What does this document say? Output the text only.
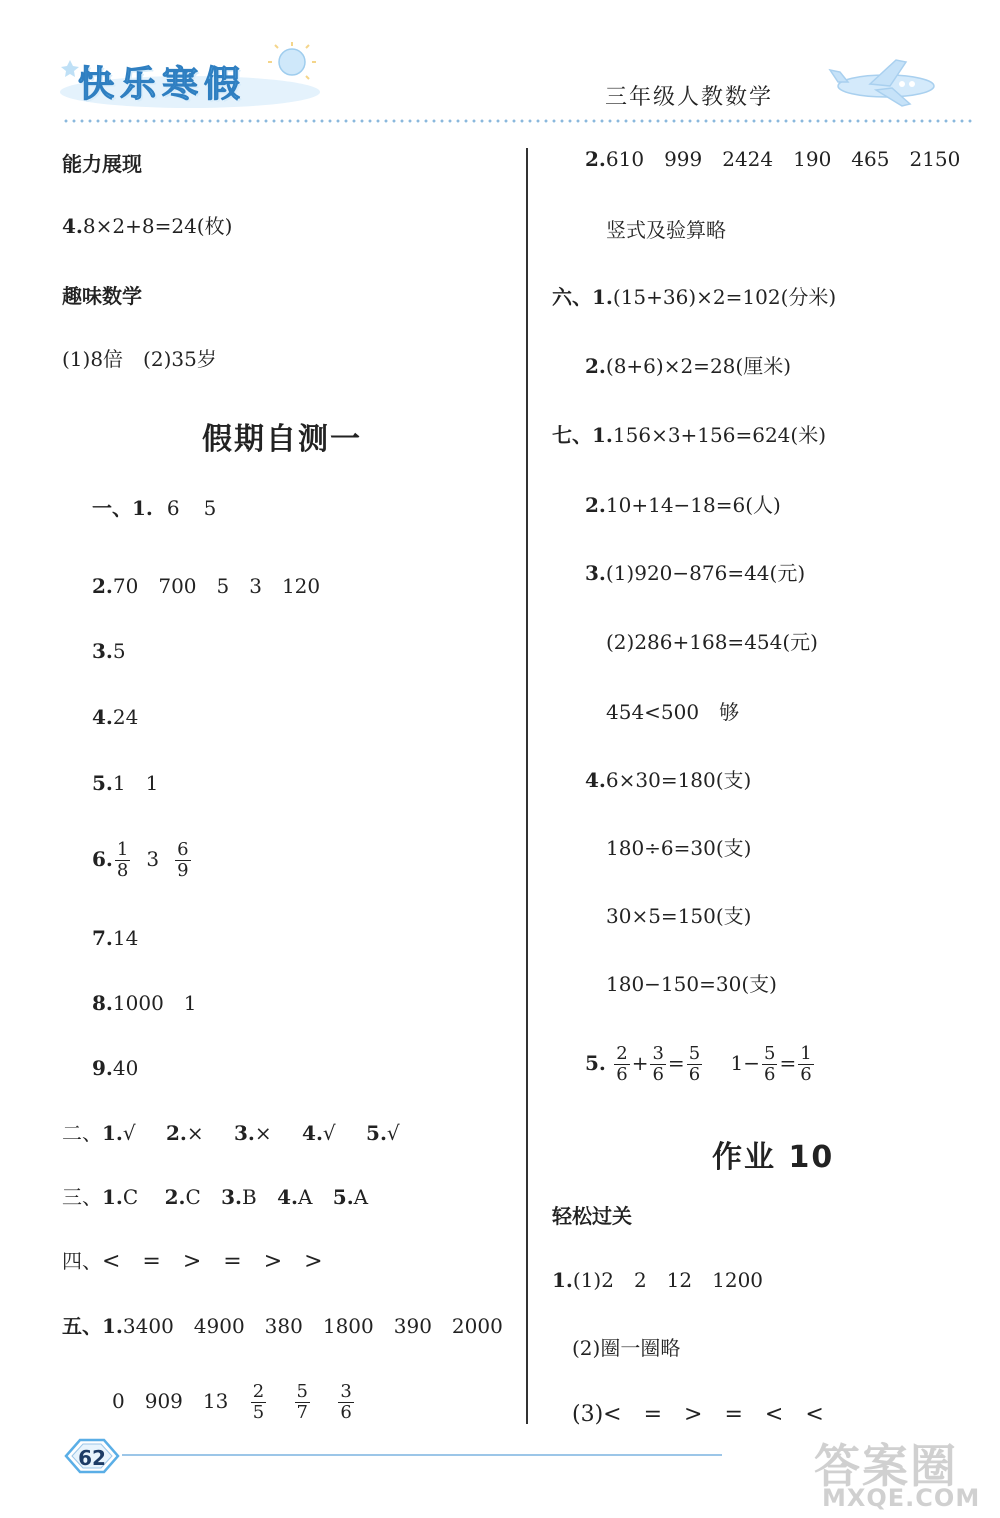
快乐寒假	三年级人教数学
能力展现
4.8×2+8=24(枚)
趣味数学
(1)8倍　(2)35岁
假期自测一
一、1. 6 5
2.70　700　5　3　120
3.5
4.24
5.1　1
6. $\frac{1}{8} 3 \frac{6}{9}$
7.14
8.1000　1
9.40
二、1.√ 2.× 3.× 4.√ 5.√
三、1.C 2.C 3.B 4.A 5.A
四、<　=　>　=　>　>
五、1.3400　4900　380　1800　390　2000
0　909　$13 \frac{2}{5}$
$\frac{5}{7}$
$\frac{3}{6}$
2.610　999　2424　190　465　2150
竖式及验算略
六、1.(15+36)×2=102(分米)
2.(8+6)×2=28(厘米)
七、1.156×3+156=624(米)
2.10+14−18=6(人)
3.(1)920−876=44(元)
(2)286+168=454(元)
454<500　够
4.6×30=180(支)
180÷6=30(支)
30×5=150(支)
180−150=30(支)
5. $\frac{2}{6} + \frac{3}{6} = \frac{5}{6} 1- \frac{5}{6} = \frac{1}{6}$
作业 10
轻松过关
1.(1)2　2　12　1200
(2)圈一圈略
(3)<　=　>　=　<　<
62	答案圈
MXQE.COM
